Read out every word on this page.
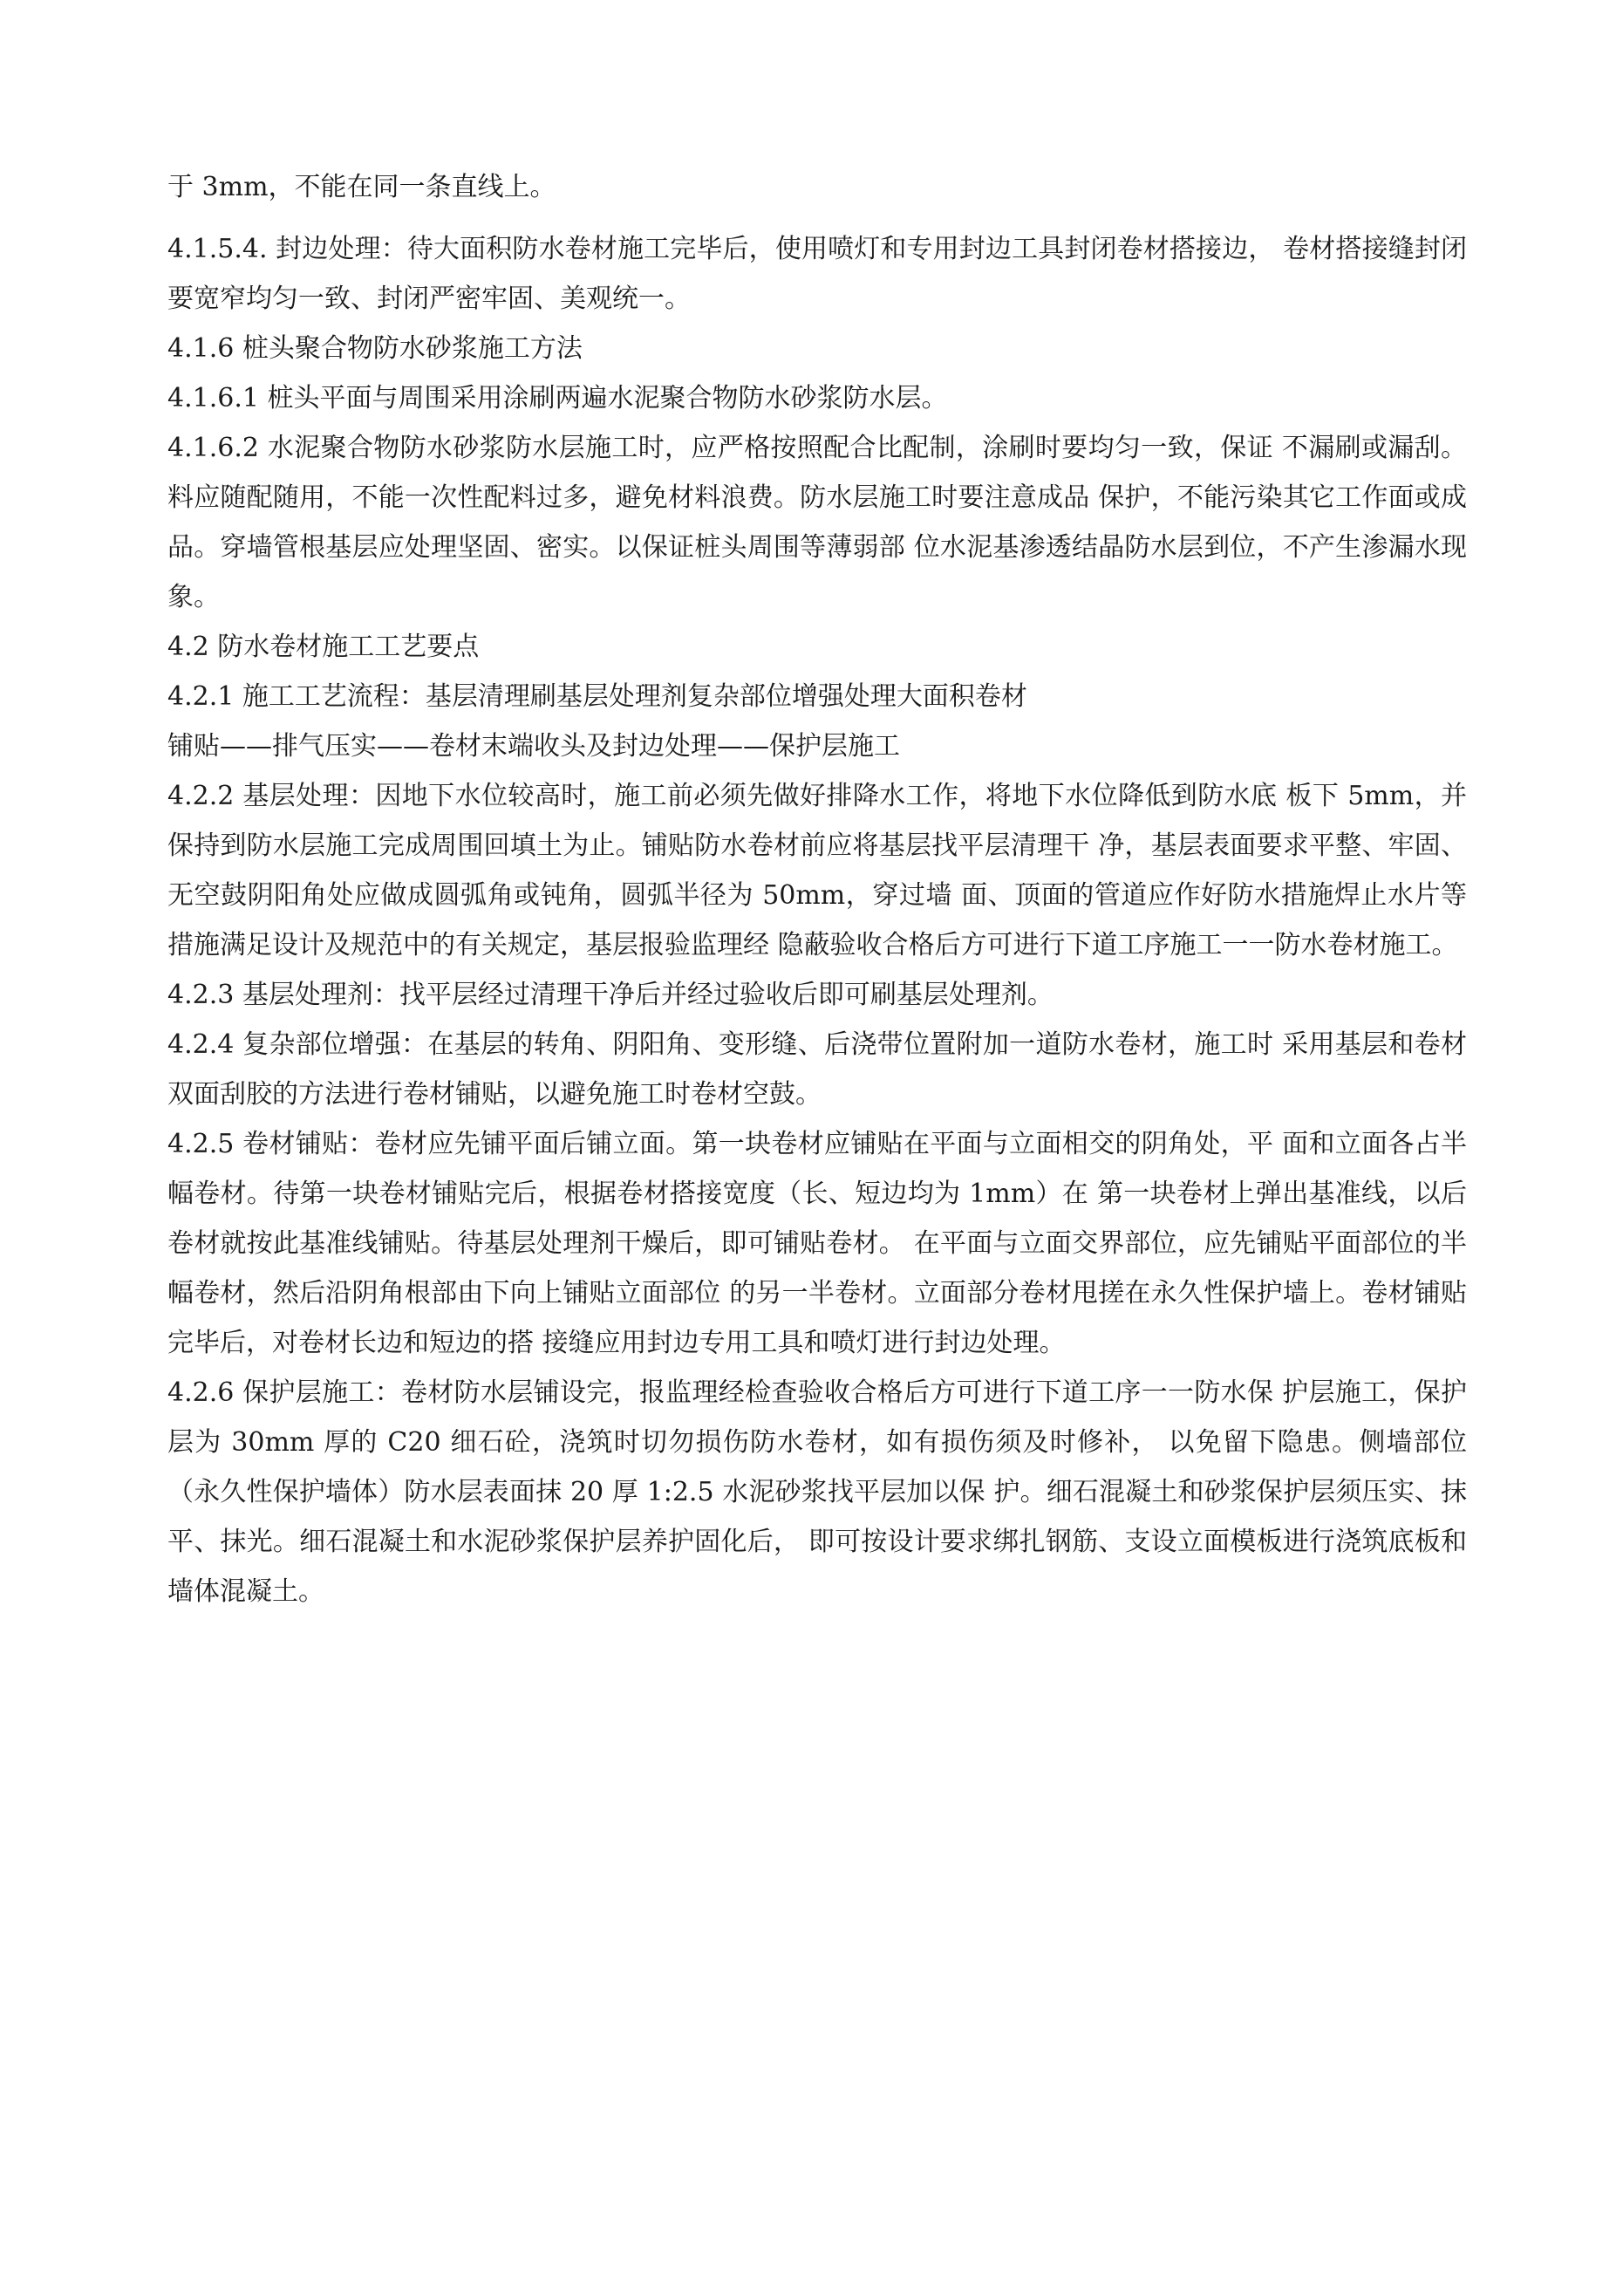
于 3mm，不能在同一条直线上。

4.1.5.4. 封边处理：待大面积防水卷材施工完毕后，使用喷灯和专用封边工具封闭卷材搭接边， 卷材搭接缝封闭要宽窄均匀一致、封闭严密牢固、美观统一。

4.1.6 桩头聚合物防水砂浆施工方法

4.1.6.1 桩头平面与周围采用涂刷两遍水泥聚合物防水砂浆防水层。

4.1.6.2 水泥聚合物防水砂浆防水层施工时，应严格按照配合比配制，涂刷时要均匀一致，保证 不漏刷或漏刮。料应随配随用，不能一次性配料过多，避免材料浪费。防水层施工时要注意成品 保护，不能污染其它工作面或成品。穿墙管根基层应处理坚固、密实。以保证桩头周围等薄弱部 位水泥基渗透结晶防水层到位，不产生渗漏水现象。

4.2 防水卷材施工工艺要点

4.2.1 施工工艺流程：基层清理刷基层处理剂复杂部位增强处理大面积卷材

铺贴——排气压实——卷材末端收头及封边处理——保护层施工

4.2.2 基层处理：因地下水位较高时，施工前必须先做好排降水工作，将地下水位降低到防水底 板下 5mm，并保持到防水层施工完成周围回填土为止。铺贴防水卷材前应将基层找平层清理干 净，基层表面要求平整、牢固、无空鼓阴阳角处应做成圆弧角或钝角，圆弧半径为 50mm，穿过墙 面、顶面的管道应作好防水措施焊止水片等措施满足设计及规范中的有关规定，基层报验监理经 隐蔽验收合格后方可进行下道工序施工一一防水卷材施工。

4.2.3 基层处理剂：找平层经过清理干净后并经过验收后即可刷基层处理剂。

4.2.4 复杂部位增强：在基层的转角、阴阳角、变形缝、后浇带位置附加一道防水卷材，施工时 采用基层和卷材双面刮胶的方法进行卷材铺贴，以避免施工时卷材空鼓。

4.2.5 卷材铺贴：卷材应先铺平面后铺立面。第一块卷材应铺贴在平面与立面相交的阴角处，平 面和立面各占半幅卷材。待第一块卷材铺贴完后，根据卷材搭接宽度（长、短边均为 1mm）在 第一块卷材上弹出基准线，以后卷材就按此基准线铺贴。待基层处理剂干燥后，即可铺贴卷材。 在平面与立面交界部位，应先铺贴平面部位的半幅卷材，然后沿阴角根部由下向上铺贴立面部位 的另一半卷材。立面部分卷材甩搓在永久性保护墙上。卷材铺贴完毕后，对卷材长边和短边的搭 接缝应用封边专用工具和喷灯进行封边处理。

4.2.6 保护层施工：卷材防水层铺设完，报监理经检查验收合格后方可进行下道工序一一防水保 护层施工，保护层为 30mm 厚的 C20 细石砼，浇筑时切勿损伤防水卷材，如有损伤须及时修补， 以免留下隐患。侧墙部位（永久性保护墙体）防水层表面抹 20 厚 1:2.5 水泥砂浆找平层加以保 护。细石混凝土和砂浆保护层须压实、抹平、抹光。细石混凝土和水泥砂浆保护层养护固化后， 即可按设计要求绑扎钢筋、支设立面模板进行浇筑底板和墙体混凝土。
